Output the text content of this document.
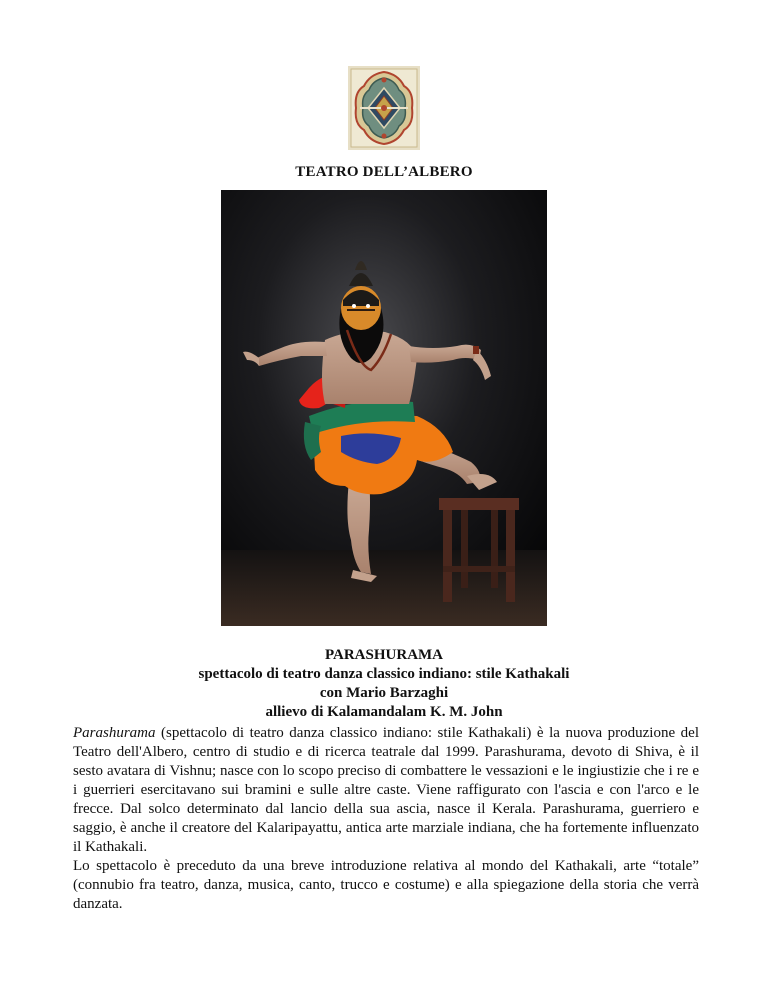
TEATRO DELL’ALBERO
PARASHURAMA
spettacolo di teatro danza classico indiano: stile Kathakali
con Mario Barzaghi
allievo di Kalamandalam K. M. John

Parashurama (spettacolo di teatro danza classico indiano: stile Kathakali) è la nuova produzione del Teatro dell'Albero, centro di studio e di ricerca teatrale dal 1999. Parashurama, devoto di Shiva, è il sesto avatara di Vishnu; nasce con lo scopo preciso di combattere le vessazioni e le ingiustizie che i re e i guerrieri esercitavano sui bramini e sulle altre caste. Viene raffigurato con l'ascia e con l'arco e le frecce. Dal solco determinato dal lancio della sua ascia, nasce il Kerala. Parashurama, guerriero e saggio, è anche il creatore del Kalaripayattu, antica arte marziale indiana, che ha fortemente influenzato il Kathakali.

Lo spettacolo è preceduto da una breve introduzione relativa al mondo del Kathakali, arte “totale” (connubio fra teatro, danza, musica, canto, trucco e costume) e alla spiegazione della storia che verrà danzata.
